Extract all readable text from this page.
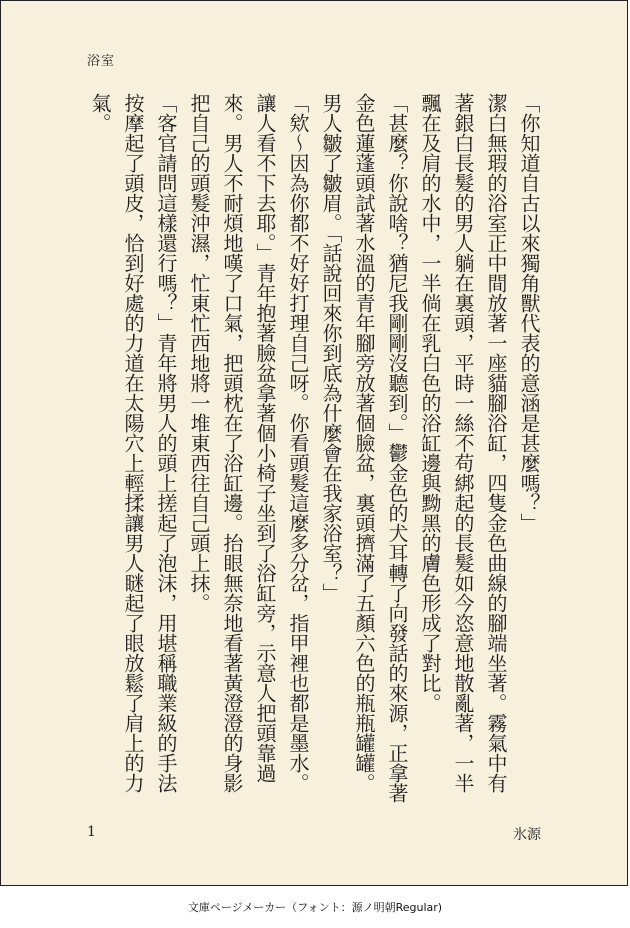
浴室

「你知道自古以來獨角獸代表的意涵是甚麼嗎？」

潔白無瑕的浴室正中間放著一座貓腳浴缸，四隻金色曲線的腳端坐著。霧氣中有著銀白長髮的男人躺在裏頭，平時一絲不苟綁起的長髮如今恣意地散亂著，一半飄在及肩的水中，一半倘在乳白色的浴缸邊與黝黑的膚色形成了對比。

「甚麼？你說啥？猶尼我剛剛沒聽到。」鬱金色的犬耳轉了向發話的來源，正拿著金色蓮蓬頭試著水溫的青年腳旁放著個臉盆，裏頭擠滿了五顏六色的瓶瓶罐罐。男人皺了皺眉。「話說回來你到底為什麼會在我家浴室？」

「欸～因為你都不好好打理自己呀。你看頭髮這麼多分岔，指甲裡也都是墨水。讓人看不下去耶。」青年抱著臉盆拿著個小椅子坐到了浴缸旁，示意人把頭靠過來。男人不耐煩地嘆了口氣，把頭枕在了浴缸邊。抬眼無奈地看著黃澄澄的身影把自己的頭髮沖濕，忙東忙西地將一堆東西往自己頭上抹。

「客官請問這樣還行嗎？」青年將男人的頭上搓起了泡沫，用堪稱職業級的手法按摩起了頭皮，恰到好處的力道在太陽穴上輕揉讓男人瞇起了眼放鬆了肩上的力氣。

1	氷源
文庫ページメーカー（フォント：源ノ明朝Regular)
